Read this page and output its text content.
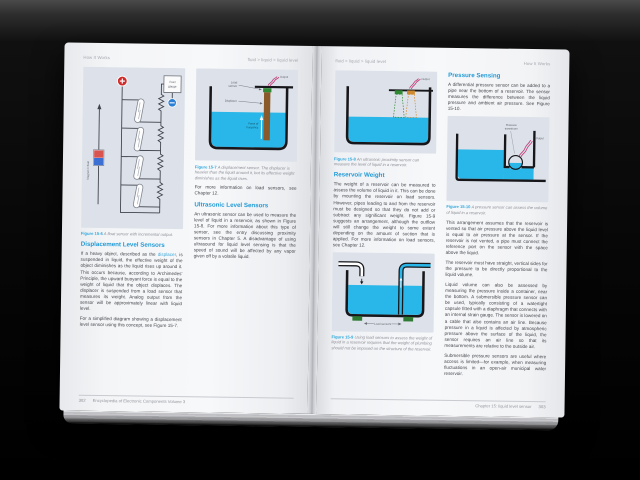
How It Works	fluid > liquid > liquid level
Fuel
gauge
Magnet in float

Figure 15-6 A float sensor with incremental output.

Displacement Level Sensors

If a heavy object, described as the displacer, is suspended in liquid, the effective weight of the object diminishes as the liquid rises up around it. This occurs because, according to Archimedes' Principle, the upward buoyant force is equal to the weight of liquid that the object displaces. The displacer is suspended from a load sensor that measures its weight. Analog output from the sensor will be approximately linear with liquid level.

For a simplified diagram showing a displacement level sensor using this concept, see Figure 15-7.

Output
Load
sensor
Displacer
Force of
buoyancy

Figure 15-7 A displacement sensor. The displacer is heavier than the liquid around it, but its effective weight diminishes as the liquid rises.

For more information on load sensors, see Chapter 12.

Ultrasonic Level Sensors

An ultrasonic sensor can be used to measure the level of liquid in a reservoir, as shown in Figure 15-8. For more information about this type of sensor, see the entry discussing proximity sensors in Chapter 5. A disadvantage of using ultrasound for liquid level sensing is that the speed of sound will be affected by any vapor given off by a volatile liquid.

302 Encyclopedia of Electronic Components Volume 3
fluid > liquid > liquid level	How It Works
Output

Figure 15-8 An ultrasonic proximity sensor can measure the level of liquid in a reservoir.

Reservoir Weight

The weight of a reservoir can be measured to assess the volume of liquid in it. This can be done by mounting the reservoir on load sensors. However, pipes leading to and from the reservoir must be designed so that they do not add or subtract any significant weight. Figure 15-9 suggests an arrangement, although the outflow will still change the weight to some extent depending on the amount of suction that is applied. For more information on load sensors, see Chapter 12.

Load sensors

Figure 15-9 Using load sensors to assess the weight of liquid in a reservoir requires that the weight of plumbing should not be imposed on the structure of the reservoir.

Pressure Sensing

A differential pressure sensor can be added to a pipe near the bottom of a reservoir. The sensor measures the difference between the liquid pressure and ambient air pressure. See Figure 15-10.

Pressure
transducer
Output

Figure 15-10 A pressure sensor can assess the volume of liquid in a reservoir.

This arrangement assumes that the reservoir is vented so that air pressure above the liquid level is equal to air pressure at the sensor. If the reservoir is not vented, a pipe must connect the reference port on the sensor with the space above the liquid.

The reservoir must have straight, vertical sides for the pressure to be directly proportional to the liquid volume.

Liquid volume can also be assessed by measuring the pressure inside a container, near the bottom. A submersible pressure sensor can be used, typically consisting of a watertight capsule fitted with a diaphragm that connects with an internal strain gauge. The sensor is lowered on a cable that also contains an air line. Because pressure in a liquid is affected by atmospheric pressure above the surface of the liquid, the sensor requires an air line so that its measurements are relative to the outside air.

Submersible pressure sensors are useful where access is limited—for example, when measuring fluctuations in an open-air municipal water reservoir.

Chapter 15: liquid level sensor 303
